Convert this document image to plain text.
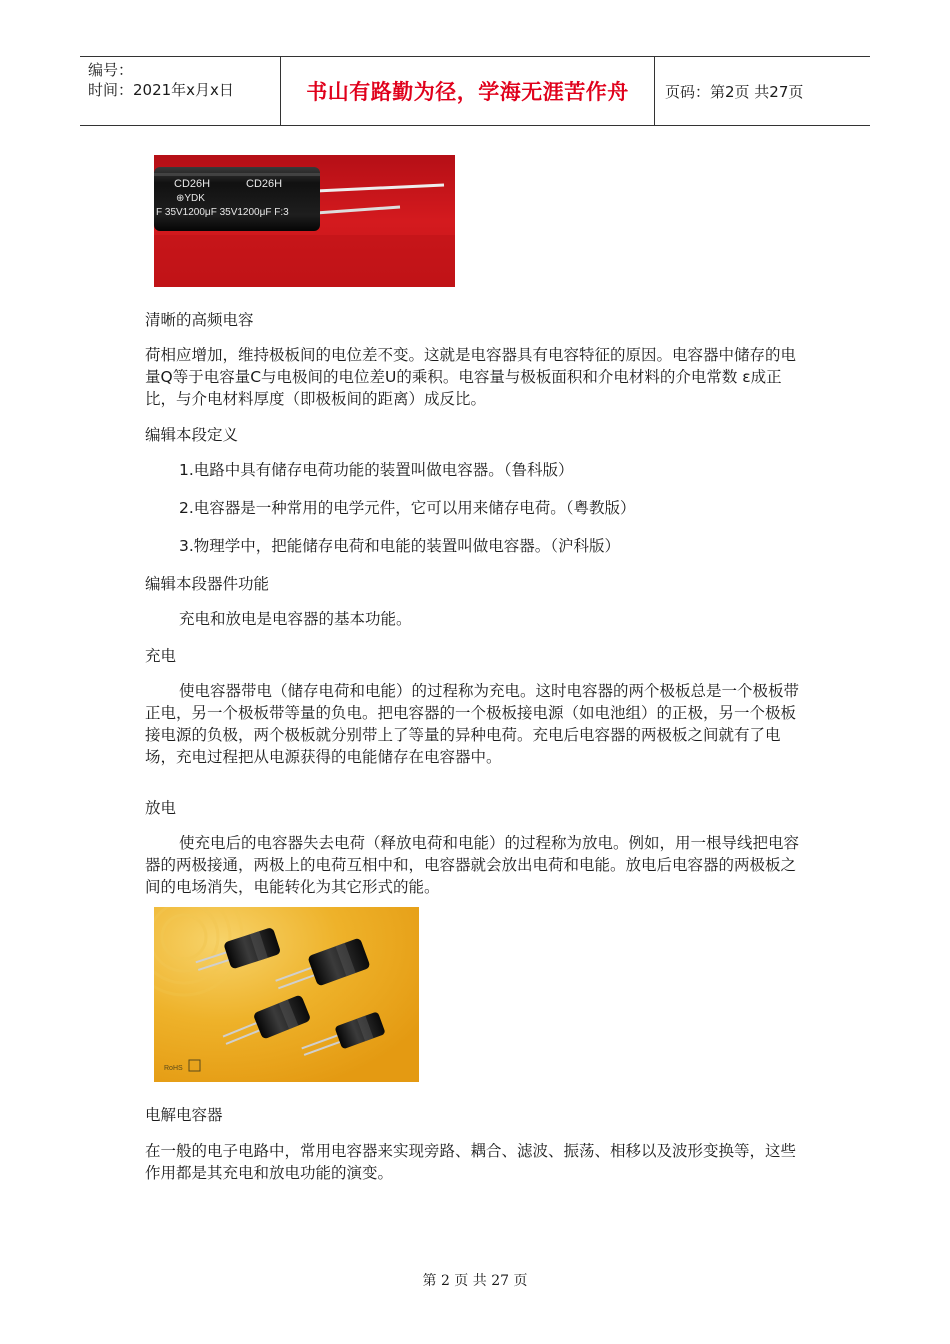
编号：
时间：2021年x月x日	书山有路勤为径，学海无涯苦作舟	页码：第2页 共27页
CD26H	CD26H
⊕YDK
F 35V1200μF 35V1200μF F:3
清晰的高频电容
荷相应增加，维持极板间的电位差不变。这就是电容器具有电容特征的原因。电容器中储存的电量Q等于电容量C与电极间的电位差U的乘积。电容量与极板面积和介电材料的介电常数 ε成正比，与介电材料厚度（即极板间的距离）成反比。
编辑本段定义
1.电路中具有储存电荷功能的装置叫做电容器。（鲁科版）
2.电容器是一种常用的电学元件，它可以用来储存电荷。（粤教版）
3.物理学中，把能储存电荷和电能的装置叫做电容器。（沪科版）
编辑本段器件功能
充电和放电是电容器的基本功能。
充电
使电容器带电（储存电荷和电能）的过程称为充电。这时电容器的两个极板总是一个极板带正电，另一个极板带等量的负电。把电容器的一个极板接电源（如电池组）的正极，另一个极板接电源的负极，两个极板就分别带上了等量的异种电荷。充电后电容器的两极板之间就有了电场，充电过程把从电源获得的电能储存在电容器中。
放电
使充电后的电容器失去电荷（释放电荷和电能）的过程称为放电。例如，用一根导线把电容器的两极接通，两极上的电荷互相中和，电容器就会放出电荷和电能。放电后电容器的两极板之间的电场消失，电能转化为其它形式的能。
RoHS
电解电容器
在一般的电子电路中，常用电容器来实现旁路、耦合、滤波、振荡、相移以及波形变换等，这些作用都是其充电和放电功能的演变。
第 2 页 共 27 页
